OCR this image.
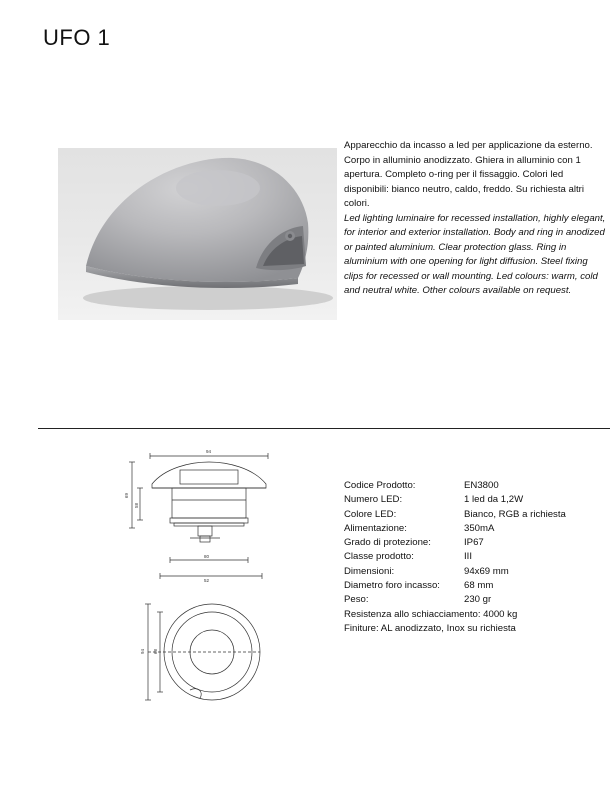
UFO 1

Apparecchio da incasso a led per applicazione da esterno. Corpo in alluminio anodizzato. Ghiera in alluminio con 1 apertura. Completo o-ring per il fissaggio. Colori led disponibili: bianco neutro, caldo, freddo. Su richiesta altri colori.

Led lighting luminaire for recessed installation, highly elegant, for interior and exterior installation. Body and ring in anodized or painted aluminium. Clear protection glass. Ring in aluminium with one opening for light diffusion. Steel fixing clips for recessed or wall mounting. Led colours: warm, cold and neutral white. Other colours available on request.

94
69
58
80
52
94 68
Codice Prodotto:	EN3800
Numero LED:	1 led da 1,2W
Colore LED:	Bianco, RGB a richiesta
Alimentazione:	350mA
Grado di protezione:	IP67
Classe prodotto:	III
Dimensioni:	94x69 mm
Diametro foro incasso:	68 mm
Peso:	230 gr
Resistenza allo schiacciamento: 4000 kg
Finiture: AL anodizzato, Inox su richiesta
